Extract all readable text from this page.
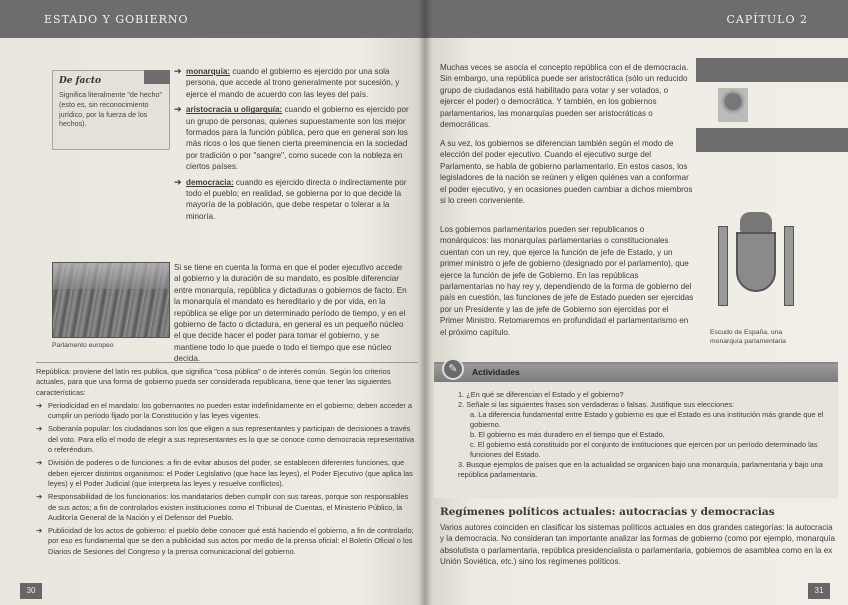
ESTADO Y GOBIERNO
De facto
Significa literalmente "de hecho" (esto es, sin reconocimiento jurídico, por la fuerza de los hechos).
➔ monarquía: cuando el gobierno es ejercido por una sola persona, que accede al trono generalmente por sucesión, y ejerce el mando de acuerdo con las leyes del país.
➔ aristocracia u oligarquía: cuando el gobierno es ejercido por un grupo de personas, quienes supuestamente son los mejor formados para la función pública, pero que en general son los más ricos o los que tienen cierta preeminencia en la sociedad por tradición o por "sangre", como sucede con la nobleza en ciertos países.
➔ democracia: cuando es ejercido directa o indirectamente por todo el pueblo; en realidad, se gobierna por lo que decide la mayoría de la población, que debe respetar o tolerar a la minoría.
Parlamento europeo
Si se tiene en cuenta la forma en que el poder ejecutivo accede al gobierno y la duración de su mandato, es posible diferenciar entre monarquía, república y dictaduras o gobiernos de facto. En la monarquía el mandato es hereditario y de por vida, en la república se elige por un determinado período de tiempo, y en el gobierno de facto o dictadura, en general es un pequeño núcleo el que decide hacer el poder para tomar el gobierno, y se mantiene todo lo que puede o todo el tiempo que ese núcleo decida.
República: proviene del latín res publica, que significa "cosa pública" o de interés común. Según los criterios actuales, para que una forma de gobierno pueda ser considerada republicana, tiene que tener las siguientes características:
➔ Periodicidad en el mandato: los gobernantes no pueden estar indefinidamente en el gobierno; deben acceder a cumplir un período fijado por la Constitución y las leyes vigentes.
➔ Soberanía popular: los ciudadanos son los que eligen a sus representantes y participan de decisiones a través del voto. Para ello el modo de elegir a sus representantes es lo que se conoce como democracia representativa o referéndum.
➔ División de poderes o de funciones: a fin de evitar abusos del poder, se establecen diferentes funciones, que deben ejercer distintos organismos: el Poder Legislativo (que hace las leyes), el Poder Ejecutivo (que aplica las leyes) y el Poder Judicial (que interpreta las leyes y resuelve conflictos).
➔ Responsabilidad de los funcionarios: los mandatarios deben cumplir con sus tareas, porque son responsables de sus actos; a fin de controlarlos existen instituciones como el Tribunal de Cuentas, el Ministerio Público, la Auditoría General de la Nación y el Defensor del Pueblo.
➔ Publicidad de los actos de gobierno: el pueblo debe conocer qué está haciendo el gobierno, a fin de controlarlo; por eso es fundamental que se den a publicidad sus actos por medio de la prensa oficial: el Boletín Oficial o los Diarios de Sesiones del Congreso y la prensa comunicacional del gobierno.
30
CAPÍTULO 2
Muchas veces se asocia el concepto república con el de democracia. Sin embargo, una república puede ser aristocrática (sólo un reducido grupo de ciudadanos está habilitado para votar y ser votados, o ejercer el poder) o democrática. Y también, en los gobiernos parlamentarios, las monarquías pueden ser aristocráticas o democráticas.
A su vez, los gobiernos se diferencian también según el modo de elección del poder ejecutivo. Cuando el ejecutivo surge del Parlamento, se habla de gobierno parlamentario. En estos casos, los legisladores de la nación se reúnen y eligen quiénes van a conformar el poder ejecutivo, y en ocasiones pueden cambiar a dichos miembros si lo creen conveniente.
Los gobiernos parlamentarios pueden ser republicanos o monárquicos: las monarquías parlamentarias o constitucionales cuentan con un rey, que ejerce la función de jefe de Estado, y un primer ministro o jefe de gobierno (designado por el parlamento), que ejerce la función de jefe de Gobierno. En las repúblicas parlamentarias no hay rey y, dependiendo de la forma de gobierno del país en cuestión, las funciones de jefe de Estado pueden ser ejercidas por un Presidente y las de jefe de Gobierno son ejercidas por el Primer Ministro. Retomaremos en profundidad el parlamentarismo en el próximo capítulo.	Escudo de España, una monarquía parlamentaria
✎	Actividades
1. ¿En qué se diferencian el Estado y el gobierno?
2. Señale si las siguientes frases son verdaderas o falsas. Justifique sus elecciones:
a. La diferencia fundamental entre Estado y gobierno es que el Estado es una institución más grande que el gobierno.
b. El gobierno es más duradero en el tiempo que el Estado.
c. El gobierno está constituido por el conjunto de instituciones que ejercen por un período determinado las funciones del Estado.
3. Busque ejemplos de países que en la actualidad se organicen bajo una monarquía, parlamentaria y bajo una república parlamentaria.
Regímenes políticos actuales: autocracias y democracias
Varios autores coinciden en clasificar los sistemas políticos actuales en dos grandes categorías: la autocracia y la democracia. No consideran tan importante analizar las formas de gobierno (como por ejemplo, monarquía absolutista o parlamentaria, república presidencialista o parlamentaria, gobiernos de asamblea como en la ex Unión Soviética, etc.) sino los regímenes políticos.
31
